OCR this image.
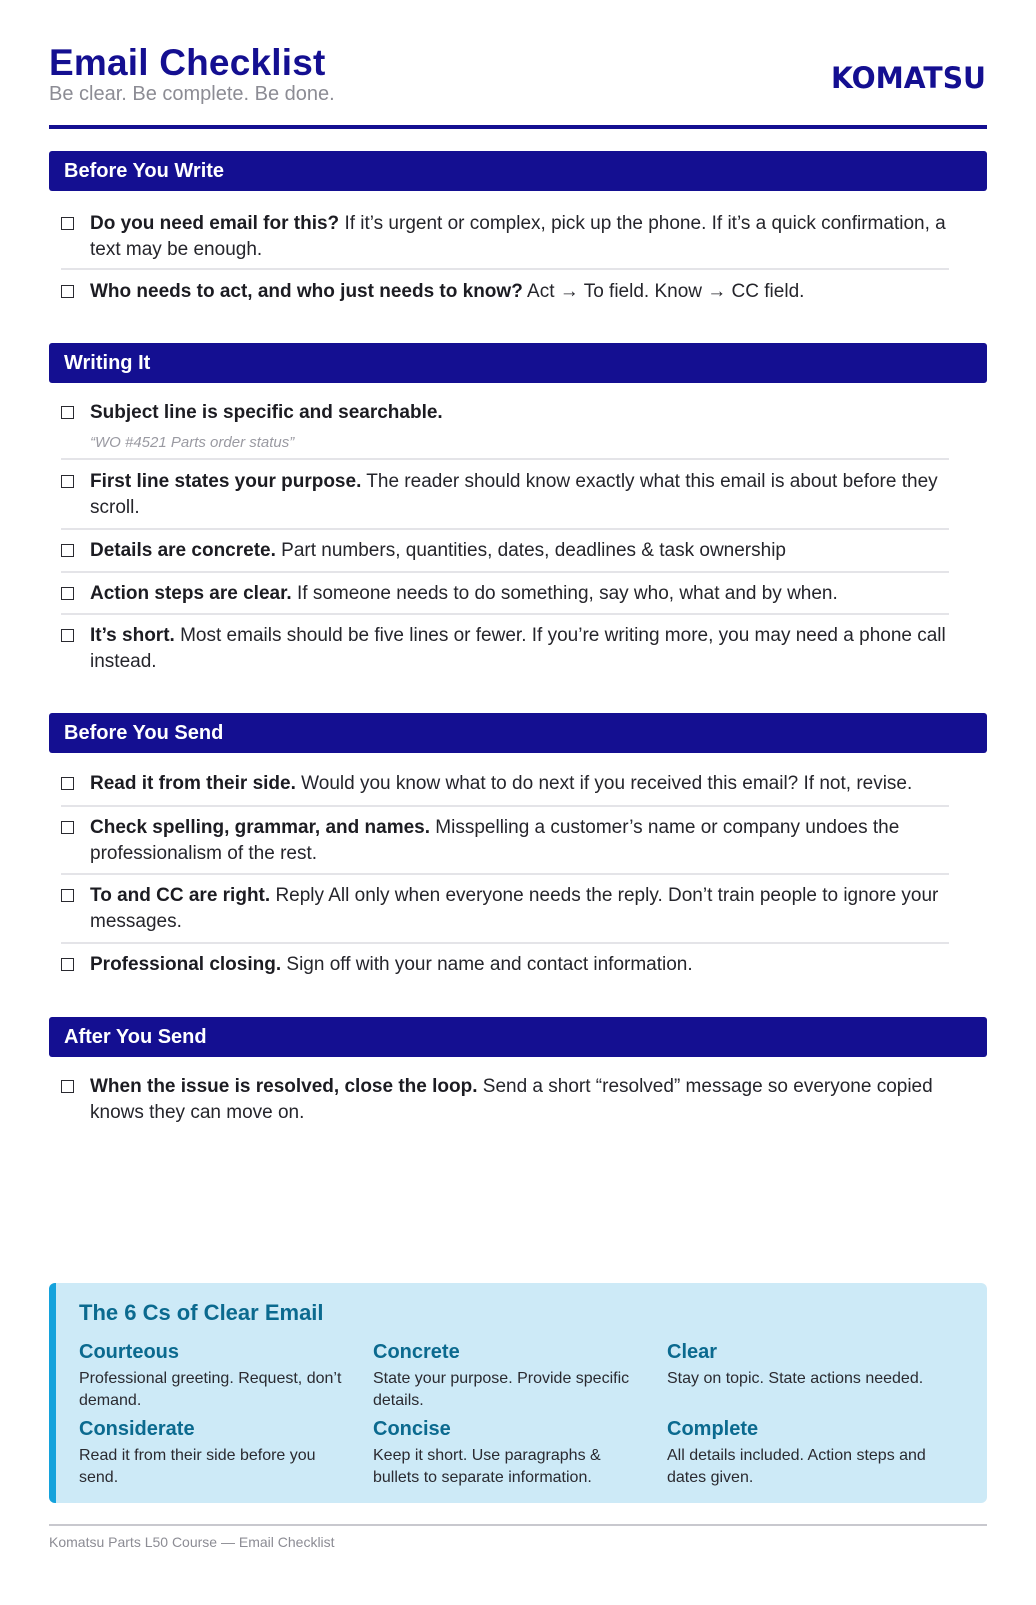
Email Checklist
Be clear. Be complete. Be done.	KOMATSU
Before You Write
Do you need email for this? If it’s urgent or complex, pick up the phone. If it’s a quick confirmation, a text may be enough.
Who needs to act, and who just needs to know? Act → To field. Know → CC field.
Writing It
Subject line is specific and searchable.
“WO #4521 Parts order status”
First line states your purpose. The reader should know exactly what this email is about before they scroll.
Details are concrete. Part numbers, quantities, dates, deadlines & task ownership
Action steps are clear. If someone needs to do something, say who, what and by when.
It’s short. Most emails should be five lines or fewer. If you’re writing more, you may need a phone call instead.
Before You Send
Read it from their side. Would you know what to do next if you received this email? If not, revise.
Check spelling, grammar, and names. Misspelling a customer’s name or company undoes the professionalism of the rest.
To and CC are right. Reply All only when everyone needs the reply. Don’t train people to ignore your messages.
Professional closing. Sign off with your name and contact information.
After You Send
When the issue is resolved, close the loop. Send a short “resolved” message so everyone copied knows they can move on.
The 6 Cs of Clear Email
Courteous
Professional greeting. Request, don’t demand.
Concrete
State your purpose. Provide specific details.
Clear
Stay on topic. State actions needed.
Considerate
Read it from their side before you send.
Concise
Keep it short. Use paragraphs & bullets to separate information.
Complete
All details included. Action steps and dates given.
Komatsu Parts L50 Course — Email Checklist
